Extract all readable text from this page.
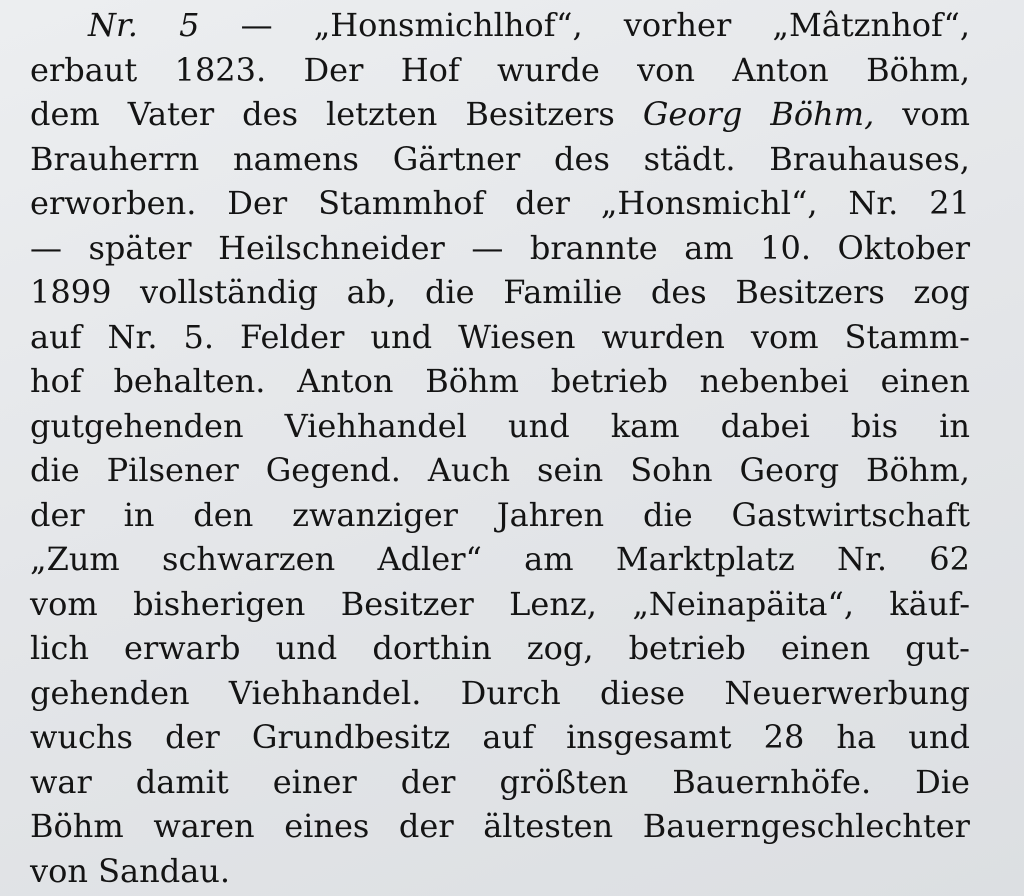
Nr. 5 — „Honsmichlhof“, vorher „Mâtznhof“,
erbaut 1823. Der Hof wurde von Anton Böhm,
dem Vater des letzten Besitzers Georg Böhm, vom
Brauherrn namens Gärtner des städt. Brauhauses,
erworben. Der Stammhof der „Honsmichl“, Nr. 21
— später Heilschneider — brannte am 10. Oktober
1899 vollständig ab, die Familie des Besitzers zog
auf Nr. 5. Felder und Wiesen wurden vom Stamm-
hof behalten. Anton Böhm betrieb nebenbei einen
gutgehenden Viehhandel und kam dabei bis in
die Pilsener Gegend. Auch sein Sohn Georg Böhm,
der in den zwanziger Jahren die Gastwirtschaft
„Zum schwarzen Adler“ am Marktplatz Nr. 62
vom bisherigen Besitzer Lenz, „Neinapäita“, käuf-
lich erwarb und dorthin zog, betrieb einen gut-
gehenden Viehhandel. Durch diese Neuerwerbung
wuchs der Grundbesitz auf insgesamt 28 ha und
war damit einer der größten Bauernhöfe. Die
Böhm waren eines der ältesten Bauerngeschlechter
von Sandau.
